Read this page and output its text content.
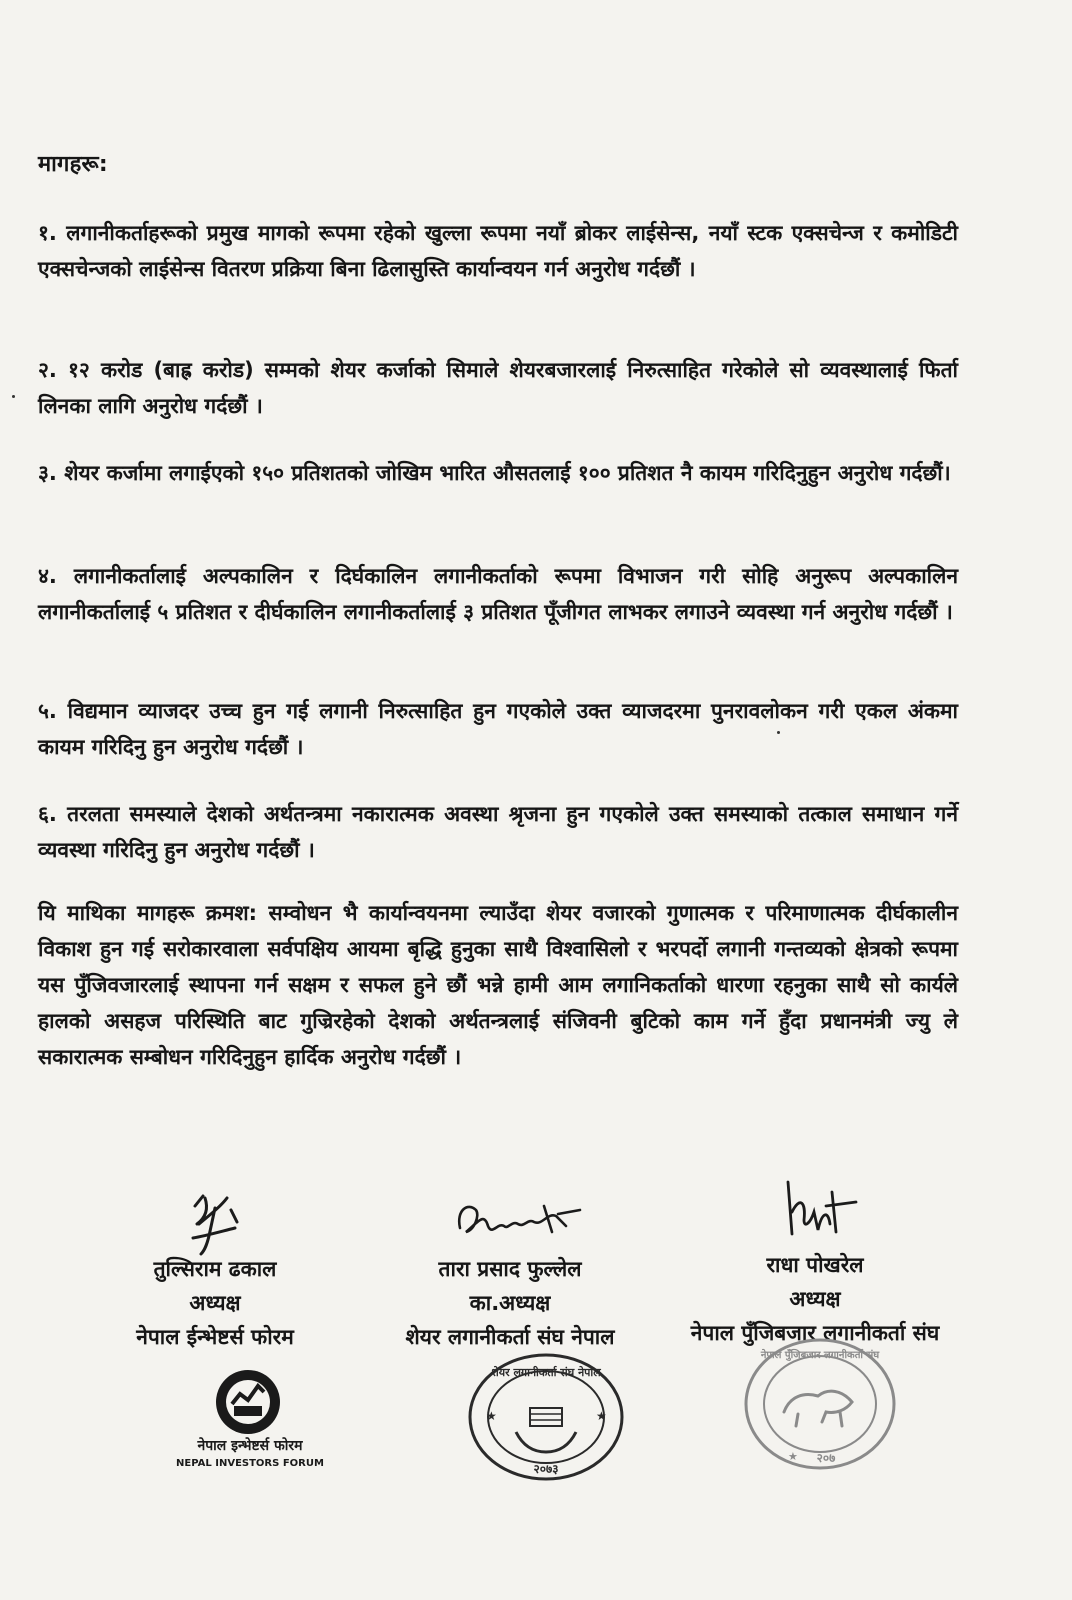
मागहरू:
१. लगानीकर्ताहरूको प्रमुख मागको रूपमा रहेको खुल्ला रूपमा नयाँ ब्रोकर लाईसेन्स, नयाँ स्टक एक्सचेन्ज र कमोडिटी एक्सचेन्जको लाईसेन्स वितरण प्रक्रिया बिना ढिलासुस्ति कार्यान्वयन गर्न अनुरोध गर्दछौं ।
२. १२ करोड (बाह्र करोड) सम्मको शेयर कर्जाको सिमाले शेयरबजारलाई निरुत्साहित गरेकोले सो व्यवस्थालाई फिर्ता लिनका लागि अनुरोध गर्दछौं ।
३. शेयर कर्जामा लगाईएको १५० प्रतिशतको जोखिम भारित औसतलाई १०० प्रतिशत नै कायम गरिदिनुहुन अनुरोध गर्दछौं।
४. लगानीकर्तालाई अल्पकालिन र दिर्घकालिन लगानीकर्ताको रूपमा विभाजन गरी सोहि अनुरूप अल्पकालिन लगानीकर्तालाई ५ प्रतिशत र दीर्घकालिन लगानीकर्तालाई ३ प्रतिशत पूँजीगत लाभकर लगाउने व्यवस्था गर्न अनुरोध गर्दछौं ।
५. विद्यमान व्याजदर उच्च हुन गई लगानी निरुत्साहित हुन गएकोले उक्त व्याजदरमा पुनरावलोकन गरी एकल अंकमा कायम गरिदिनु हुन अनुरोध गर्दछौं ।
६. तरलता समस्याले देशको अर्थतन्त्रमा नकारात्मक अवस्था श्रृजना हुन गएकोले उक्त समस्याको तत्काल समाधान गर्ने व्यवस्था गरिदिनु हुन अनुरोध गर्दछौं ।
यि माथिका मागहरू क्रमश: सम्वोधन भै कार्यान्वयनमा ल्याउँदा शेयर वजारको गुणात्मक र परिमाणात्मक दीर्घकालीन विकाश हुन गई सरोकारवाला सर्वपक्षिय आयमा बृद्धि हुनुका साथै विश्वासिलो र भरपर्दो लगानी गन्तव्यको क्षेत्रको रूपमा यस पुँजिवजारलाई स्थापना गर्न सक्षम र सफल हुने छौं भन्ने हामी आम लगानिकर्ताको धारणा रहनुका साथै सो कार्यले हालको असहज परिस्थिति बाट गुज्रिरहेको देशको अर्थतन्त्रलाई संजिवनी बुटिको काम गर्ने हुँदा प्रधानमंत्री ज्यु ले सकारात्मक सम्बोधन गरिदिनुहुन हार्दिक अनुरोध गर्दछौं ।
तुल्सिराम ढकाल
अध्यक्ष
नेपाल ईन्भेष्टर्स फोरम
नेपाल इन्भेष्टर्स फोरम
NEPAL INVESTORS FORUM
तारा प्रसाद फुल्लेल
का.अध्यक्ष
शेयर लगानीकर्ता संघ नेपाल
शेयर लगानीकर्ता संघ नेपाल
२०७३
★	★
राधा पोखरेल
अध्यक्ष
नेपाल पुँजिबजार लगानीकर्ता संघ
नेपाल पुँजिबजार लगानीकर्ता संघ
२०७
★
